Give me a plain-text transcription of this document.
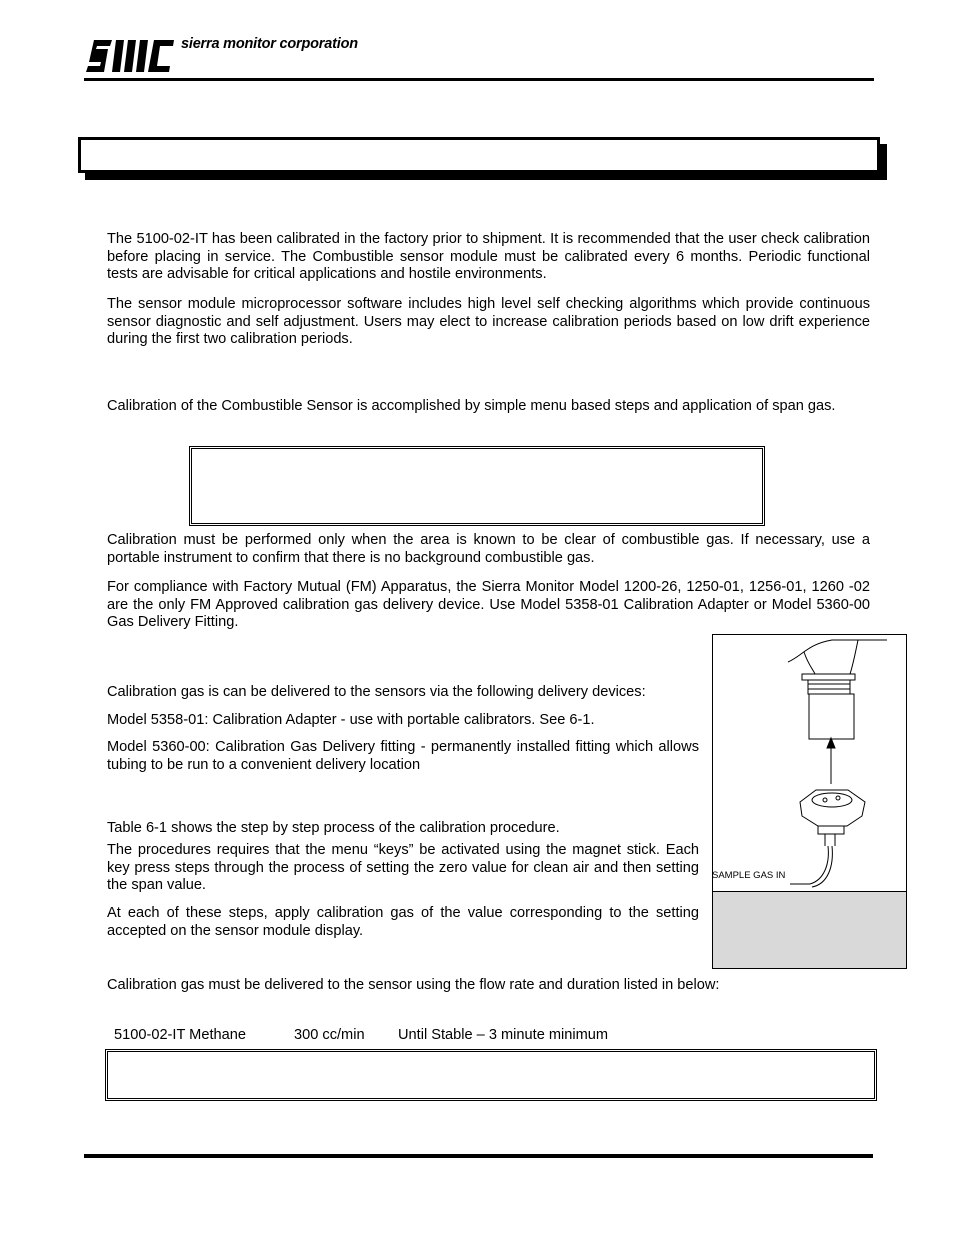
sierra monitor corporation
The 5100-02-IT has been calibrated in the factory prior to shipment. It is recommended that the user check calibration before placing in service. The Combustible sensor module must be calibrated every 6 months. Periodic functional tests are advisable for critical applications and hostile environments.
The sensor module microprocessor software includes high level self checking algorithms which provide continuous sensor diagnostic and self adjustment. Users may elect to increase calibration periods based on low drift experience during the first two calibration periods.
Calibration of the Combustible Sensor is accomplished by simple menu based steps and application of span gas.
Calibration must be performed only when the area is known to be clear of combustible gas. If necessary, use a portable instrument to confirm that there is no background combustible gas.
For compliance with Factory Mutual (FM) Apparatus, the Sierra Monitor Model 1200-26, 1250-01, 1256-01, 1260 -02 are the only FM Approved calibration gas delivery device. Use Model 5358-01 Calibration Adapter or Model 5360-00 Gas Delivery Fitting.
Calibration gas is can be delivered to the sensors via the following delivery devices:
Model 5358-01: Calibration Adapter - use with portable calibrators. See 6-1.
Model 5360-00: Calibration Gas Delivery fitting - permanently installed fitting which allows tubing to be run to a convenient delivery location
Table 6-1 shows the step by step process of the calibration procedure.
The procedures requires that the menu “keys” be activated using the magnet stick. Each key press steps through the process of setting the zero value for clean air and then setting the span value.
At each of these steps, apply calibration gas of the value corresponding to the setting accepted on the sensor module display.
SAMPLE GAS IN
Calibration gas must be delivered to the sensor using the flow rate and duration listed in below:
5100-02-IT Methane	300 cc/min Until Stable – 3 minute minimum
